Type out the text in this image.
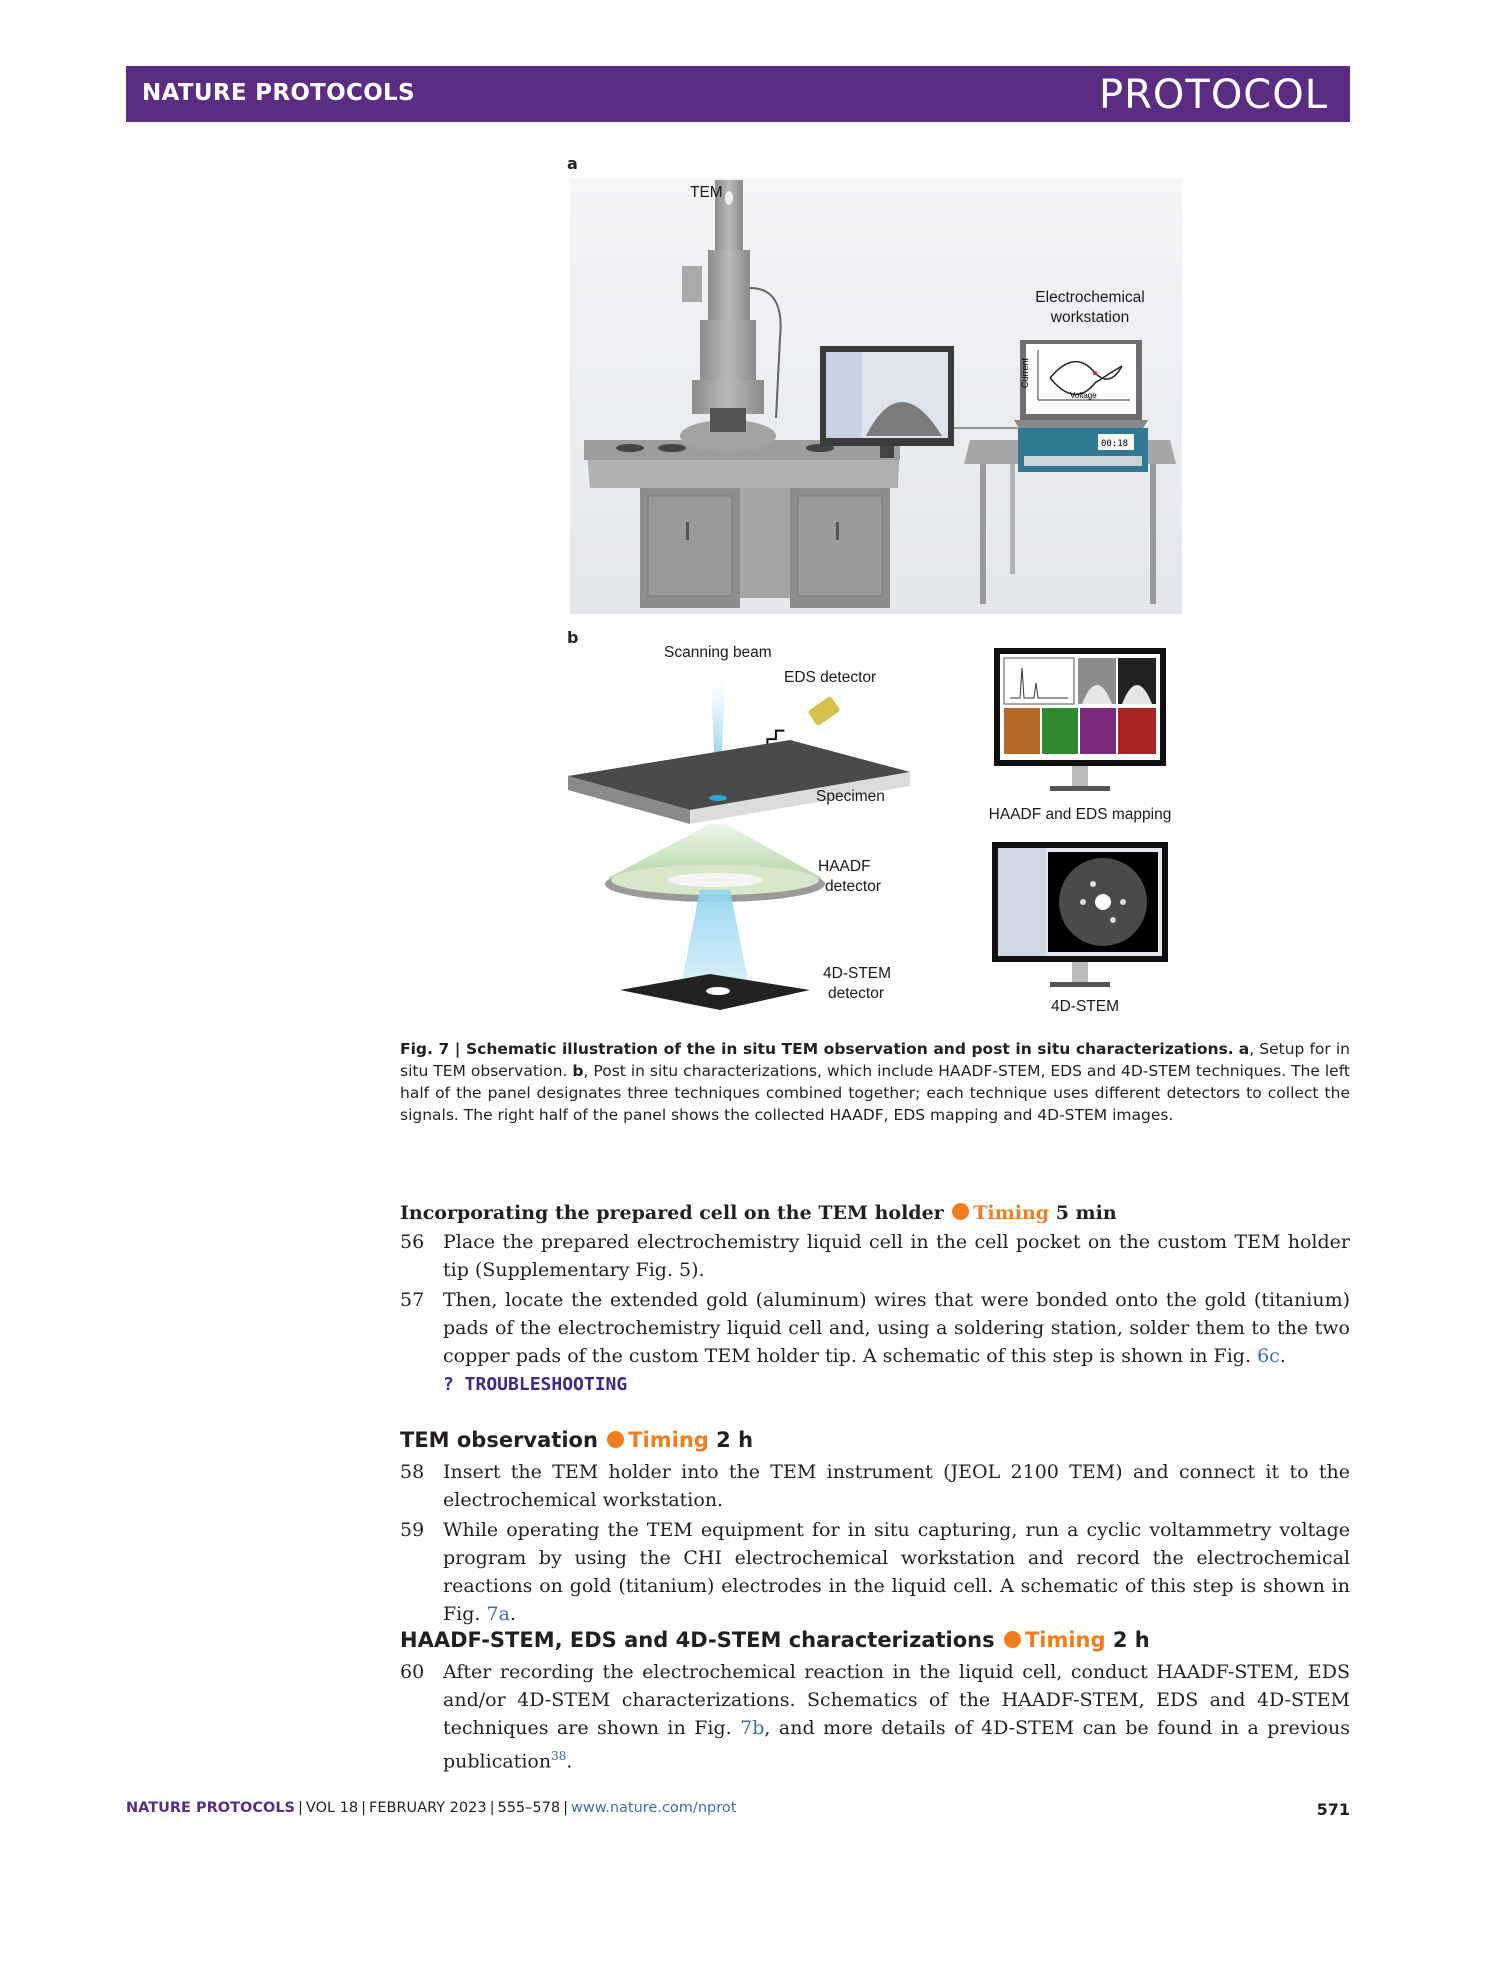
NATURE PROTOCOLS	PROTOCOL
a
Current
Voltage
00:18
TEM
Electrochemical
workstation
b
Scanning beam
EDS detector
Specimen
HAADF
detector
4D-STEM
detector
HAADF and EDS mapping
4D-STEM
Fig. 7 | Schematic illustration of the in situ TEM observation and post in situ characterizations. a, Setup for in situ TEM observation. b, Post in situ characterizations, which include HAADF-STEM, EDS and 4D-STEM techniques. The left half of the panel designates three techniques combined together; each technique uses different detectors to collect the signals. The right half of the panel shows the collected HAADF, EDS mapping and 4D-STEM images.
Incorporating the prepared cell on the TEM holder Timing 5 min
56 Place the prepared electrochemistry liquid cell in the cell pocket on the custom TEM holder tip (Supplementary Fig. 5).
57 Then, locate the extended gold (aluminum) wires that were bonded onto the gold (titanium) pads of the electrochemistry liquid cell and, using a soldering station, solder them to the two copper pads of the custom TEM holder tip. A schematic of this step is shown in Fig. 6c.
? TROUBLESHOOTING
TEM observation Timing 2 h
58 Insert the TEM holder into the TEM instrument (JEOL 2100 TEM) and connect it to the electrochemical workstation.
59 While operating the TEM equipment for in situ capturing, run a cyclic voltammetry voltage program by using the CHI electrochemical workstation and record the electrochemical reactions on gold (titanium) electrodes in the liquid cell. A schematic of this step is shown in Fig. 7a.
HAADF-STEM, EDS and 4D-STEM characterizations Timing 2 h
60 After recording the electrochemical reaction in the liquid cell, conduct HAADF-STEM, EDS and/or 4D-STEM characterizations. Schematics of the HAADF-STEM, EDS and 4D-STEM techniques are shown in Fig. 7b, and more details of 4D-STEM can be found in a previous publication$^{38}$.
NATURE PROTOCOLS | VOL 18 | FEBRUARY 2023 | 555–578 | www.nature.com/nprot	571
